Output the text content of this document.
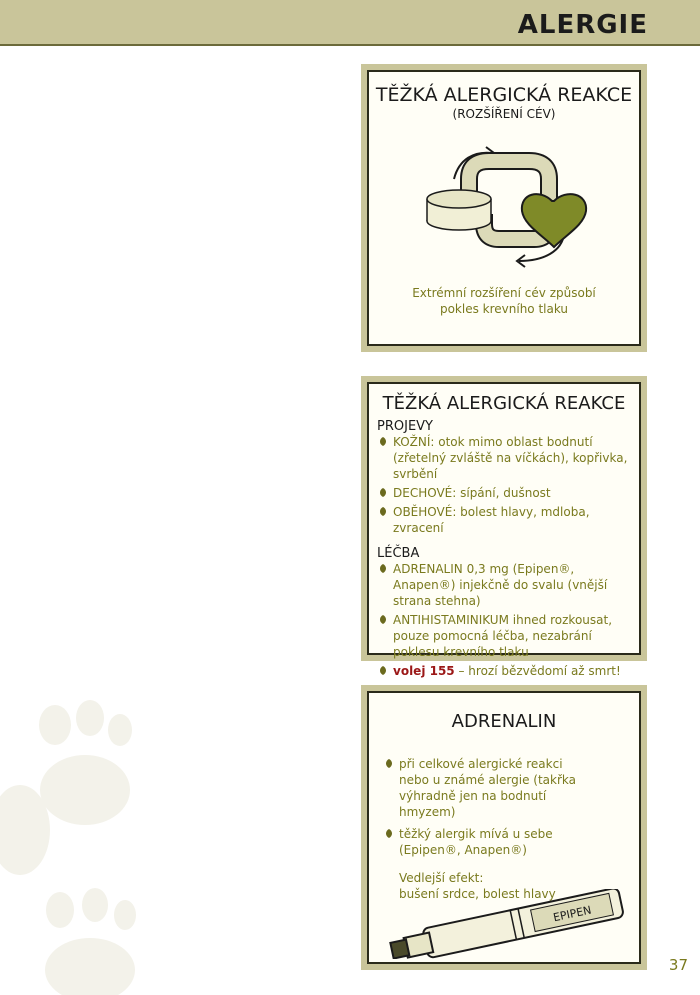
ALERGIE
TĚŽKÁ ALERGICKÁ REAKCE
(ROZŠÍŘENÍ CÉV)
Extrémní rozšíření cév způsobí
pokles krevního tlaku
TĚŽKÁ ALERGICKÁ REAKCE
PROJEVY
KOŽNÍ: otok mimo oblast bodnutí (zřetelný zvláště na víčkách), kopřivka, svrbění
DECHOVÉ: sípání, dušnost
OBĚHOVÉ: bolest hlavy, mdloba, zvracení
LÉČBA
ADRENALIN 0,3 mg (Epipen®, Anapen®) injekčně do svalu (vnější strana stehna)
ANTIHISTAMINIKUM ihned rozkousat, pouze pomocná léčba, nezabrání poklesu krevního tlaku
volej 155 – hrozí bězvědomí až smrt!
ADRENALIN
při celkové alergické reakci nebo u známé alergie (takřka výhradně jen na bodnutí hmyzem)
těžký alergik mívá u sebe (Epipen®, Anapen®)
Vedlejší efekt:
bušení srdce, bolest hlavy
EPIPEN
37
